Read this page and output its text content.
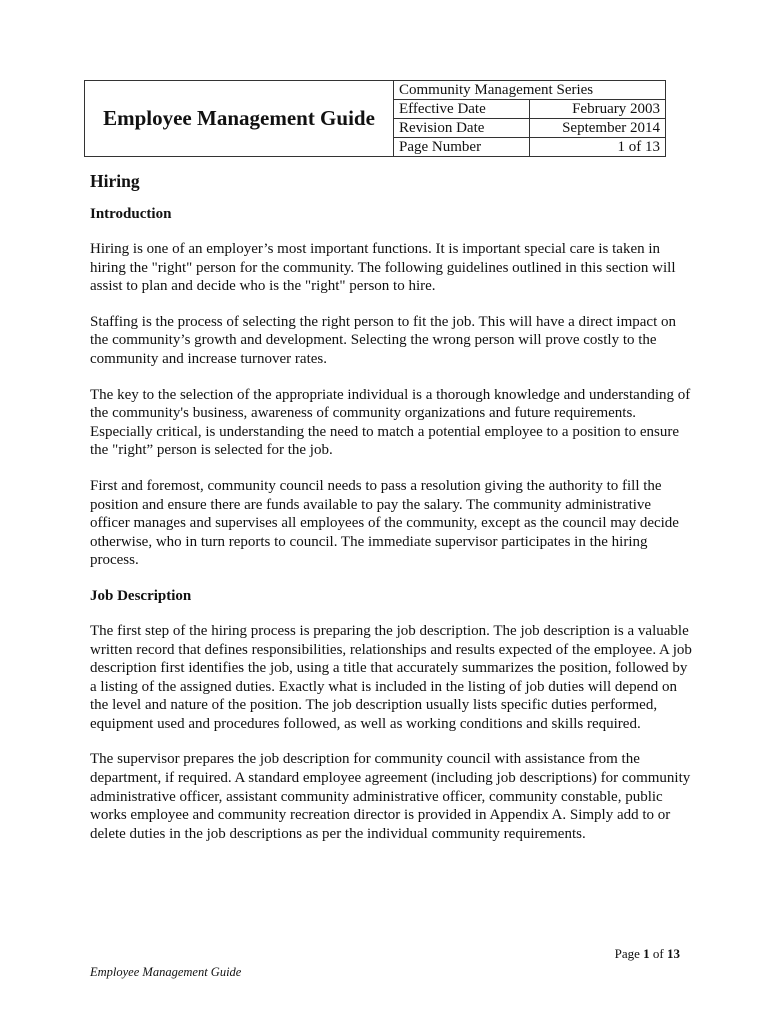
Employee Management Guide	Community Management Series	
	Effective Date	February 2003
	Revision Date	September 2014
	Page Number	1 of 13
Hiring
Introduction

Hiring is one of an employer’s most important functions. It is important special care is taken in hiring the "right" person for the community. The following guidelines outlined in this section will assist to plan and decide who is the "right" person to hire.

Staffing is the process of selecting the right person to fit the job. This will have a direct impact on the community’s growth and development. Selecting the wrong person will prove costly to the community and increase turnover rates.

The key to the selection of the appropriate individual is a thorough knowledge and understanding of the community's business, awareness of community organizations and future requirements. Especially critical, is understanding the need to match a potential employee to a position to ensure the "right” person is selected for the job.

First and foremost, community council needs to pass a resolution giving the authority to fill the position and ensure there are funds available to pay the salary. The community administrative officer manages and supervises all employees of the community, except as the council may decide otherwise, who in turn reports to council. The immediate supervisor participates in the hiring process.

Job Description

The first step of the hiring process is preparing the job description. The job description is a valuable written record that defines responsibilities, relationships and results expected of the employee. A job description first identifies the job, using a title that accurately summarizes the position, followed by a listing of the assigned duties. Exactly what is included in the listing of job duties will depend on the level and nature of the position. The job description usually lists specific duties performed, equipment used and procedures followed, as well as working conditions and skills required.

The supervisor prepares the job description for community council with assistance from the department, if required. A standard employee agreement (including job descriptions) for community administrative officer, assistant community administrative officer, community constable, public works employee and community recreation director is provided in Appendix A. Simply add to or delete duties in the job descriptions as per the individual community requirements.

Page 1 of 13
Employee Management Guide
